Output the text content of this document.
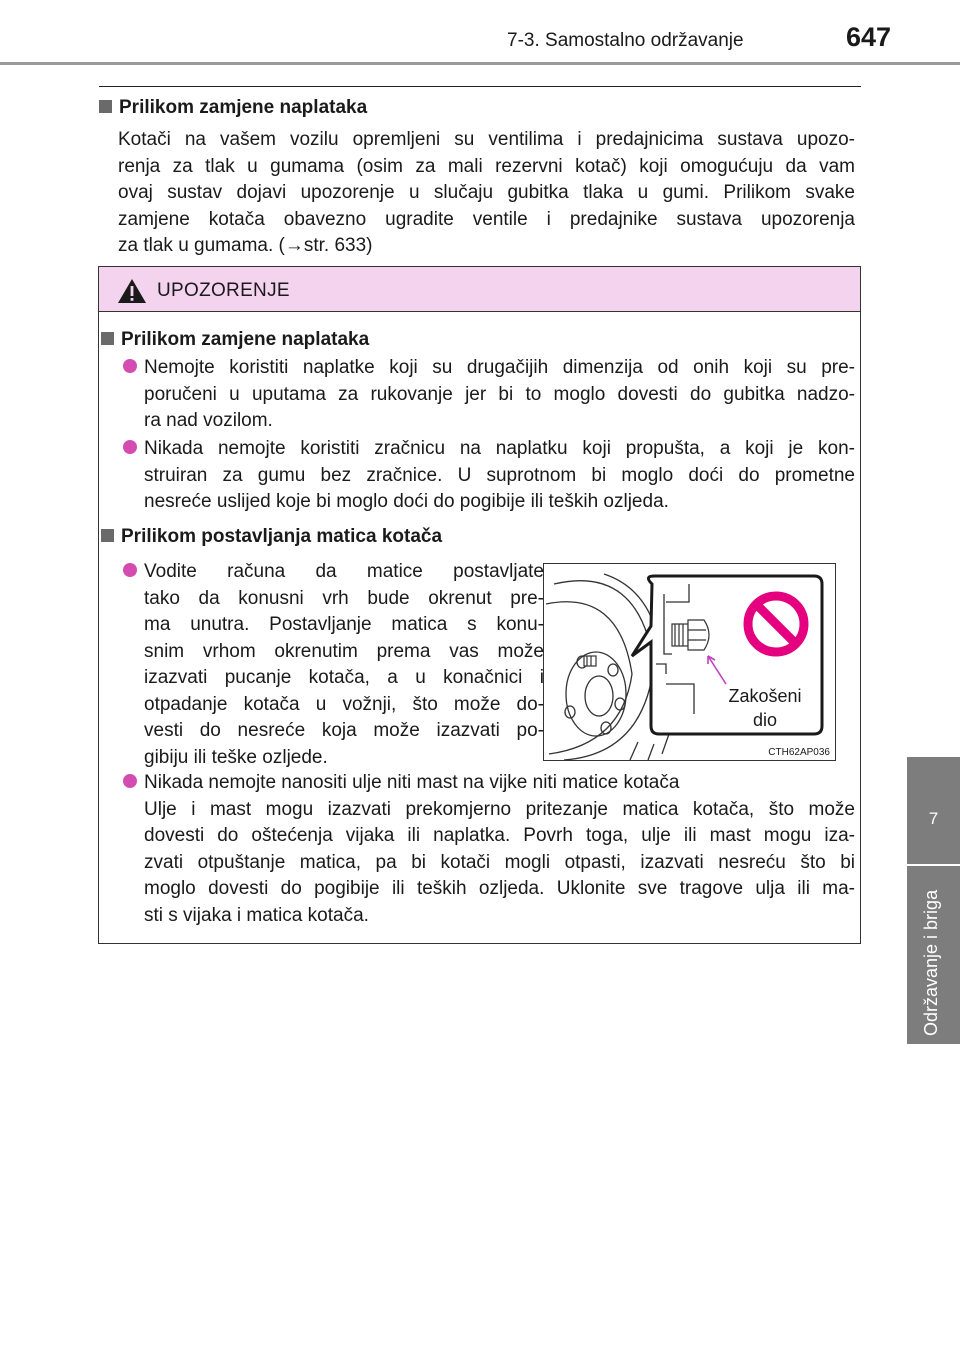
7-3. Samostalno održavanje	647
7
Održavanje i briga
Prilikom zamjene naplataka
Kotači na vašem vozilu opremljeni su ventilima i predajnicima sustava upozo-
renja za tlak u gumama (osim za mali rezervni kotač) koji omogućuju da vam
ovaj sustav dojavi upozorenje u slučaju gubitka tlaka u gumi. Prilikom svake
zamjene kotača obavezno ugradite ventile i predajnike sustava upozorenja
za tlak u gumama. (→str. 633)
UPOZORENJE
Prilikom zamjene naplataka
Nemojte koristiti naplatke koji su drugačijih dimenzija od onih koji su pre-
poručeni u uputama za rukovanje jer bi to moglo dovesti do gubitka nadzo-
ra nad vozilom.
Nikada nemojte koristiti zračnicu na naplatku koji propušta, a koji je kon-
struiran za gumu bez zračnice. U suprotnom bi moglo doći do prometne
nesreće uslijed koje bi moglo doći do pogibije ili teških ozljeda.
Prilikom postavljanja matica kotača
Vodite računa da matice postavljate
tako da konusni vrh bude okrenut pre-
ma unutra. Postavljanje matica s konu-
snim vrhom okrenutim prema vas može
izazvati pucanje kotača, a u konačnici i
otpadanje kotača u vožnji, što može do-
vesti do nesreće koja može izazvati po-
gibiju ili teške ozljede.
Zakošeni
dio
CTH62AP036
Nikada nemojte nanositi ulje niti mast na vijke niti matice kotača
Ulje i mast mogu izazvati prekomjerno pritezanje matica kotača, što može
dovesti do oštećenja vijaka ili naplatka. Povrh toga, ulje ili mast mogu iza-
zvati otpuštanje matica, pa bi kotači mogli otpasti, izazvati nesreću što bi
moglo dovesti do pogibije ili teških ozljeda. Uklonite sve tragove ulja ili ma-
sti s vijaka i matica kotača.
